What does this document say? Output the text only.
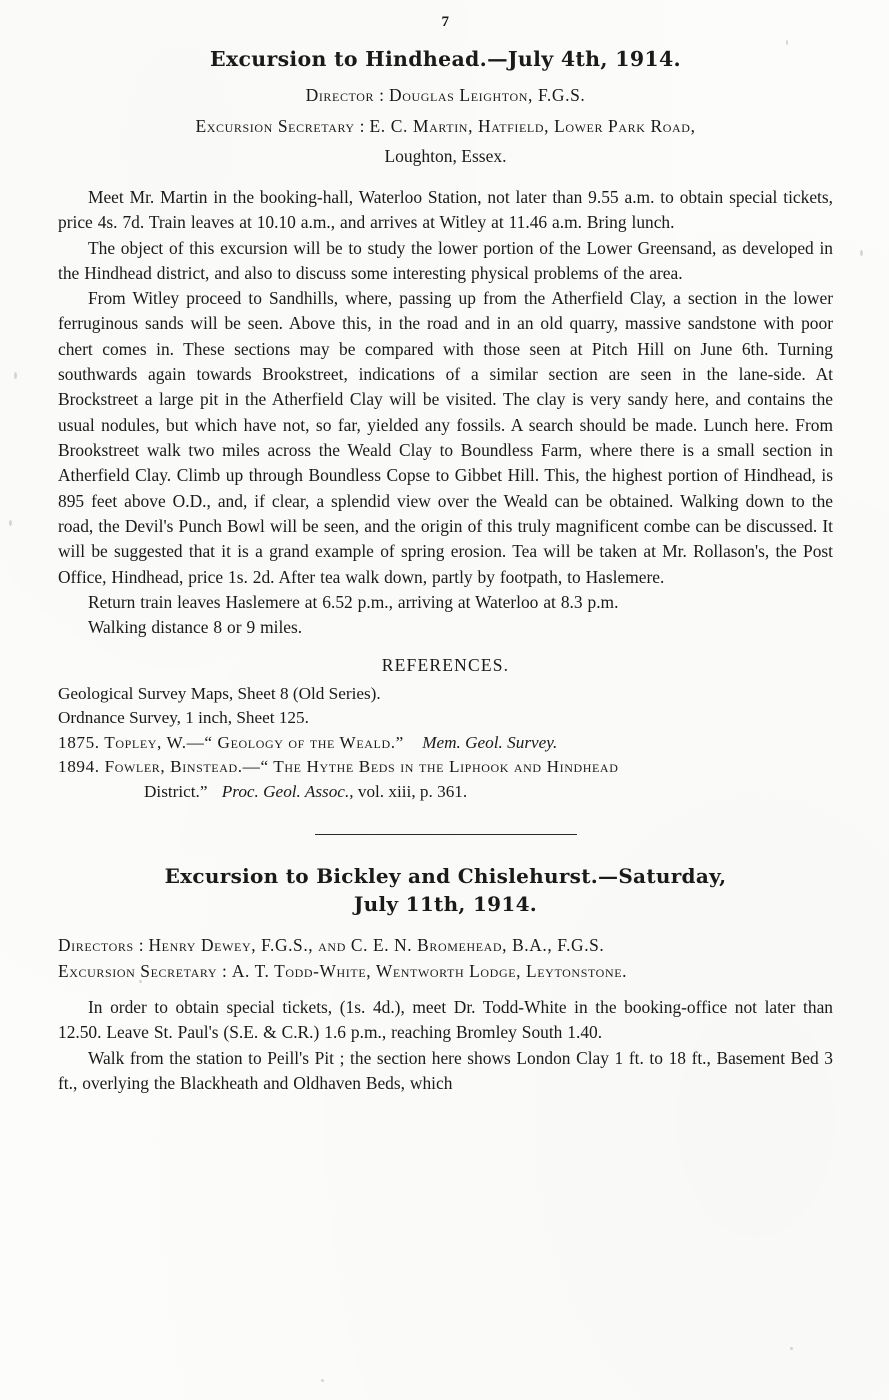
7
Excursion to Hindhead.—July 4th, 1914.
Director : Douglas Leighton, F.G.S.
Excursion Secretary : E. C. Martin, Hatfield, Lower Park Road,
Loughton, Essex.

Meet Mr. Martin in the booking-hall, Waterloo Station, not later than 9.55 a.m. to obtain special tickets, price 4s. 7d. Train leaves at 10.10 a.m., and arrives at Witley at 11.46 a.m. Bring lunch.

The object of this excursion will be to study the lower portion of the Lower Greensand, as developed in the Hindhead district, and also to discuss some interesting physical problems of the area.

From Witley proceed to Sandhills, where, passing up from the Atherfield Clay, a section in the lower ferruginous sands will be seen. Above this, in the road and in an old quarry, massive sandstone with poor chert comes in. These sections may be compared with those seen at Pitch Hill on June 6th. Turning southwards again towards Brookstreet, indications of a similar section are seen in the lane-side. At Brockstreet a large pit in the Atherfield Clay will be visited. The clay is very sandy here, and contains the usual nodules, but which have not, so far, yielded any fossils. A search should be made. Lunch here. From Brookstreet walk two miles across the Weald Clay to Boundless Farm, where there is a small section in Atherfield Clay. Climb up through Boundless Copse to Gibbet Hill. This, the highest portion of Hindhead, is 895 feet above O.D., and, if clear, a splendid view over the Weald can be obtained. Walking down to the road, the Devil's Punch Bowl will be seen, and the origin of this truly magnificent combe can be discussed. It will be suggested that it is a grand example of spring erosion. Tea will be taken at Mr. Rollason's, the Post Office, Hindhead, price 1s. 2d. After tea walk down, partly by footpath, to Haslemere.

Return train leaves Haslemere at 6.52 p.m., arriving at Waterloo at 8.3 p.m.

Walking distance 8 or 9 miles.

REFERENCES.

Geological Survey Maps, Sheet 8 (Old Series).

Ordnance Survey, 1 inch, Sheet 125.

1875. Topley, W.—“ Geology of the Weald.” Mem. Geol. Survey.

1894. Fowler, Binstead.—“ The Hythe Beds in the Liphook and Hindhead

District.” Proc. Geol. Assoc., vol. xiii, p. 361.

Excursion to Bickley and Chislehurst.—Saturday,
July 11th, 1914.

Directors : Henry Dewey, F.G.S., and C. E. N. Bromehead, B.A., F.G.S.

Excursion Secretary : A. T. Todd-White, Wentworth Lodge, Leytonstone.

In order to obtain special tickets, (1s. 4d.), meet Dr. Todd-White in the booking-office not later than 12.50. Leave St. Paul's (S.E. & C.R.) 1.6 p.m., reaching Bromley South 1.40.

Walk from the station to Peill's Pit ; the section here shows London Clay 1 ft. to 18 ft., Basement Bed 3 ft., overlying the Blackheath and Oldhaven Beds, which
